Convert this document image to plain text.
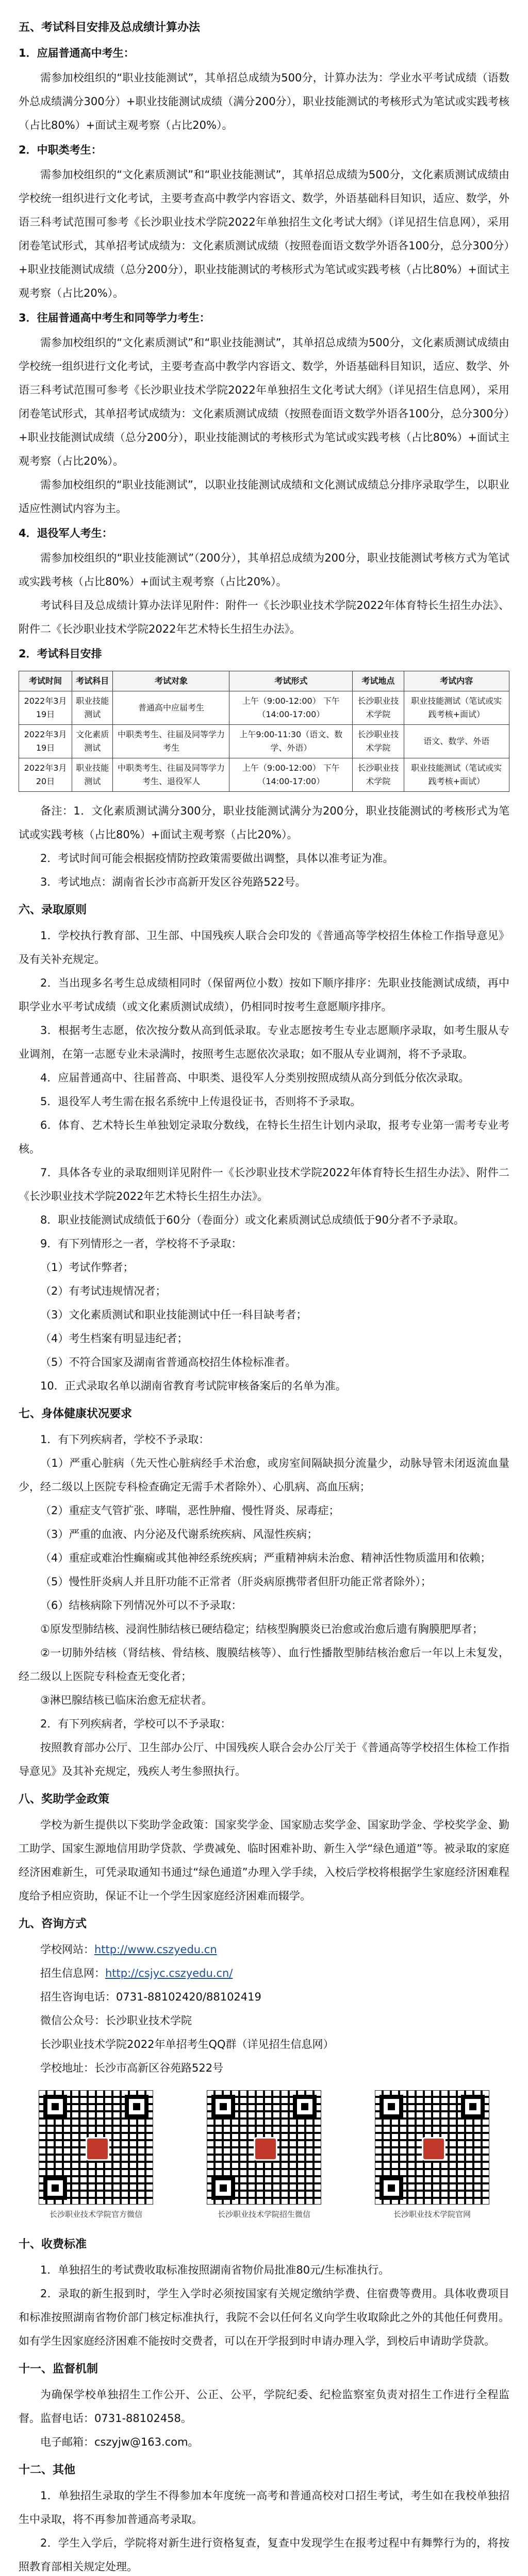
五、考试科目安排及总成绩计算办法
1．应届普通高中考生：

需参加校组织的“职业技能测试”，其单招总成绩为500分，计算办法为：学业水平考试成绩（语数外总成绩满分300分）+职业技能测试成绩（满分200分），职业技能测试的考核形式为笔试或实践考核（占比80%）+面试主观考察（占比20%）。

2．中职类考生：

需参加校组织的“文化素质测试”和“职业技能测试”，其单招总成绩为500分，文化素质测试成绩由学校统一组织进行文化考试，主要考查高中教学内容语文、数学，外语基础科目知识，适应、数学，外语三科考试范围可参考《长沙职业技术学院2022年单独招生文化考试大纲》（详见招生信息网），采用闭卷笔试形式，其单招考试成绩为：文化素质测试成绩（按照卷面语文数学外语各100分，总分300分）+职业技能测试成绩（总分200分），职业技能测试的考核形式为笔试或实践考核（占比80%）+面试主观考察（占比20%）。

3．往届普通高中考生和同等学力考生：

需参加校组织的“文化素质测试”和“职业技能测试”，其单招总成绩为500分，文化素质测试成绩由学校统一组织进行文化考试，主要考查高中教学内容语文、数学，外语基础科目知识，适应、数学、外语三科考试范围可参考《长沙职业技术学院2022年单独招生文化考试大纲》（详见招生信息网），采用闭卷笔试形式，其单招考试成绩为：文化素质测试成绩（按照卷面语文数学外语各100分，总分300分）+职业技能测试成绩（总分200分），职业技能测试的考核形式为笔试或实践考核（占比80%）+面试主观考察（占比20%）。

需参加校组织的“职业技能测试”，以职业技能测试成绩和文化测试成绩总分排序录取学生，以职业适应性测试内容为主。

4．退役军人考生：

需参加校组织的“职业技能测试”（200分），其单招总成绩为200分，职业技能测试考核方式为笔试或实践考核（占比80%）+面试主观考察（占比20%）。

考试科目及总成绩计算办法详见附件：附件一《长沙职业技术学院2022年体育特长生招生办法》、附件二《长沙职业技术学院2022年艺术特长生招生办法》。

2．考试科目安排
考试时间	考试科目	考试对象	考试形式	考试地点	考试内容
2022年3月19日	职业技能测试	普通高中应届考生	上午（9:00-12:00） 下午（14:00-17:00）	长沙职业技术学院	职业技能测试（笔试或实践考核+面试）
2022年3月19日	文化素质测试	中职类考生、往届及同等学力考生	上午9:00-11:30（语文、数学、外语）	长沙职业技术学院	语文、数学、外语
2022年3月20日	职业技能测试	中职类考生、往届及同等学力考生、退役军人	上午（9:00-12:00） 下午（14:00-17:00）	长沙职业技术学院	职业技能测试（笔试或实践考核+面试）

备注：1．文化素质测试满分300分，职业技能测试满分为200分，职业技能测试的考核形式为笔试或实践考核（占比80%）+面试主观考察（占比20%）。

2．考试时间可能会根据疫情防控政策需要做出调整，具体以准考证为准。

3．考试地点：湖南省长沙市高新开发区谷苑路522号。

六、录取原则

1．学校执行教育部、卫生部、中国残疾人联合会印发的《普通高等学校招生体检工作指导意见》及有关补充规定。

2．当出现多名考生总成绩相同时（保留两位小数）按如下顺序排序：先职业技能测试成绩，再中职学业水平考试成绩（或文化素质测试成绩），仍相同时按考生意愿顺序排序。

3．根据考生志愿，依次按分数从高到低录取。专业志愿按考生专业志愿顺序录取，如考生服从专业调剂，在第一志愿专业未录满时，按照考生志愿依次录取；如不服从专业调剂，将不予录取。

4．应届普通高中、往届普高、中职类、退役军人分类别按照成绩从高分到低分依次录取。

5．退役军人考生需在报名系统中上传退役证书，否则将不予录取。

6．体育、艺术特长生单独划定录取分数线，在特长生招生计划内录取，报考专业第一需考专业考核。

7．具体各专业的录取细则详见附件一《长沙职业技术学院2022年体育特长生招生办法》、附件二《长沙职业技术学院2022年艺术特长生招生办法》。

8．职业技能测试成绩低于60分（卷面分）或文化素质测试总成绩低于90分者不予录取。

9．有下列情形之一者，学校将不予录取：

（1）考试作弊者；
（2）有考试违规情况者；
（3）文化素质测试和职业技能测试中任一科目缺考者；
（4）考生档案有明显违纪者；
（5）不符合国家及湖南省普通高校招生体检标准者。

10．正式录取名单以湖南省教育考试院审核备案后的名单为准。

七、身体健康状况要求

1．有下列疾病者，学校不予录取：

（1）严重心脏病（先天性心脏病经手术治愈，或房室间隔缺损分流量少，动脉导管未闭返流血量少，经二级以上医院专科检查确定无需手术者除外）、心肌病、高血压病；

（2）重症支气管扩张、哮喘，恶性肿瘤、慢性肾炎、尿毒症；

（3）严重的血液、内分泌及代谢系统疾病、风湿性疾病；

（4）重症或难治性癫痫或其他神经系统疾病；严重精神病未治愈、精神活性物质滥用和依赖；

（5）慢性肝炎病人并且肝功能不正常者（肝炎病原携带者但肝功能正常者除外）；

（6）结核病除下列情况外可以不予录取：

①原发型肺结核、浸润性肺结核已硬结稳定；结核型胸膜炎已治愈或治愈后遗有胸膜肥厚者；

②一切肺外结核（肾结核、骨结核、腹膜结核等）、血行性播散型肺结核治愈后一年以上未复发，经二级以上医院专科检查无变化者；

③淋巴腺结核已临床治愈无症状者。

2．有下列疾病者，学校可以不予录取：

按照教育部办公厅、卫生部办公厅、中国残疾人联合会办公厅关于《普通高等学校招生体检工作指导意见》及其补充规定，残疾人考生参照执行。

八、奖助学金政策

学校为新生提供以下奖助学金政策：国家奖学金、国家励志奖学金、国家助学金、学校奖学金、勤工助学、国家生源地信用助学贷款、学费减免、临时困难补助、新生入学“绿色通道”等。被录取的家庭经济困难新生，可凭录取通知书通过“绿色通道”办理入学手续，入校后学校将根据学生家庭经济困难程度给予相应资助，保证不让一个学生因家庭经济困难而辍学。

九、咨询方式

学校网站：http://www.cszyedu.cn

招生信息网：http://csjyc.cszyedu.cn/

招生咨询电话：0731-88102420/88102419

微信公众号：长沙职业技术学院

长沙职业技术学院2022年单招考生QQ群（详见招生信息网）

学校地址：长沙市高新区谷苑路522号

长沙职业技术学院官方微信	长沙职业技术学院招生微信	长沙职业技术学院官网
十、收费标准

1．单独招生的考试费收取标准按照湖南省物价局批准80元/生标准执行。

2．录取的新生报到时，学生入学时必须按国家有关规定缴纳学费、住宿费等费用。具体收费项目和标准按照湖南省物价部门核定标准执行，我院不会以任何名义向学生收取除此之外的其他任何费用。如有学生因家庭经济困难不能按时交费者，可以在开学报到时申请办理入学，到校后申请助学贷款。

十一、监督机制

为确保学校单独招生工作公开、公正、公平，学院纪委、纪检监察室负责对招生工作进行全程监督。监督电话：0731-88102458。

电子邮箱：cszyjw@163.com。

十二、其他

1．单独招生录取的学生不得参加本年度统一高考和普通高校对口招生考试，考生如在我校单独招生中录取，将不再参加普通高考录取。

2．学生入学后，学院将对新生进行资格复查，复查中发现学生在报考过程中有舞弊行为的，将按照教育部相关规定处理。
